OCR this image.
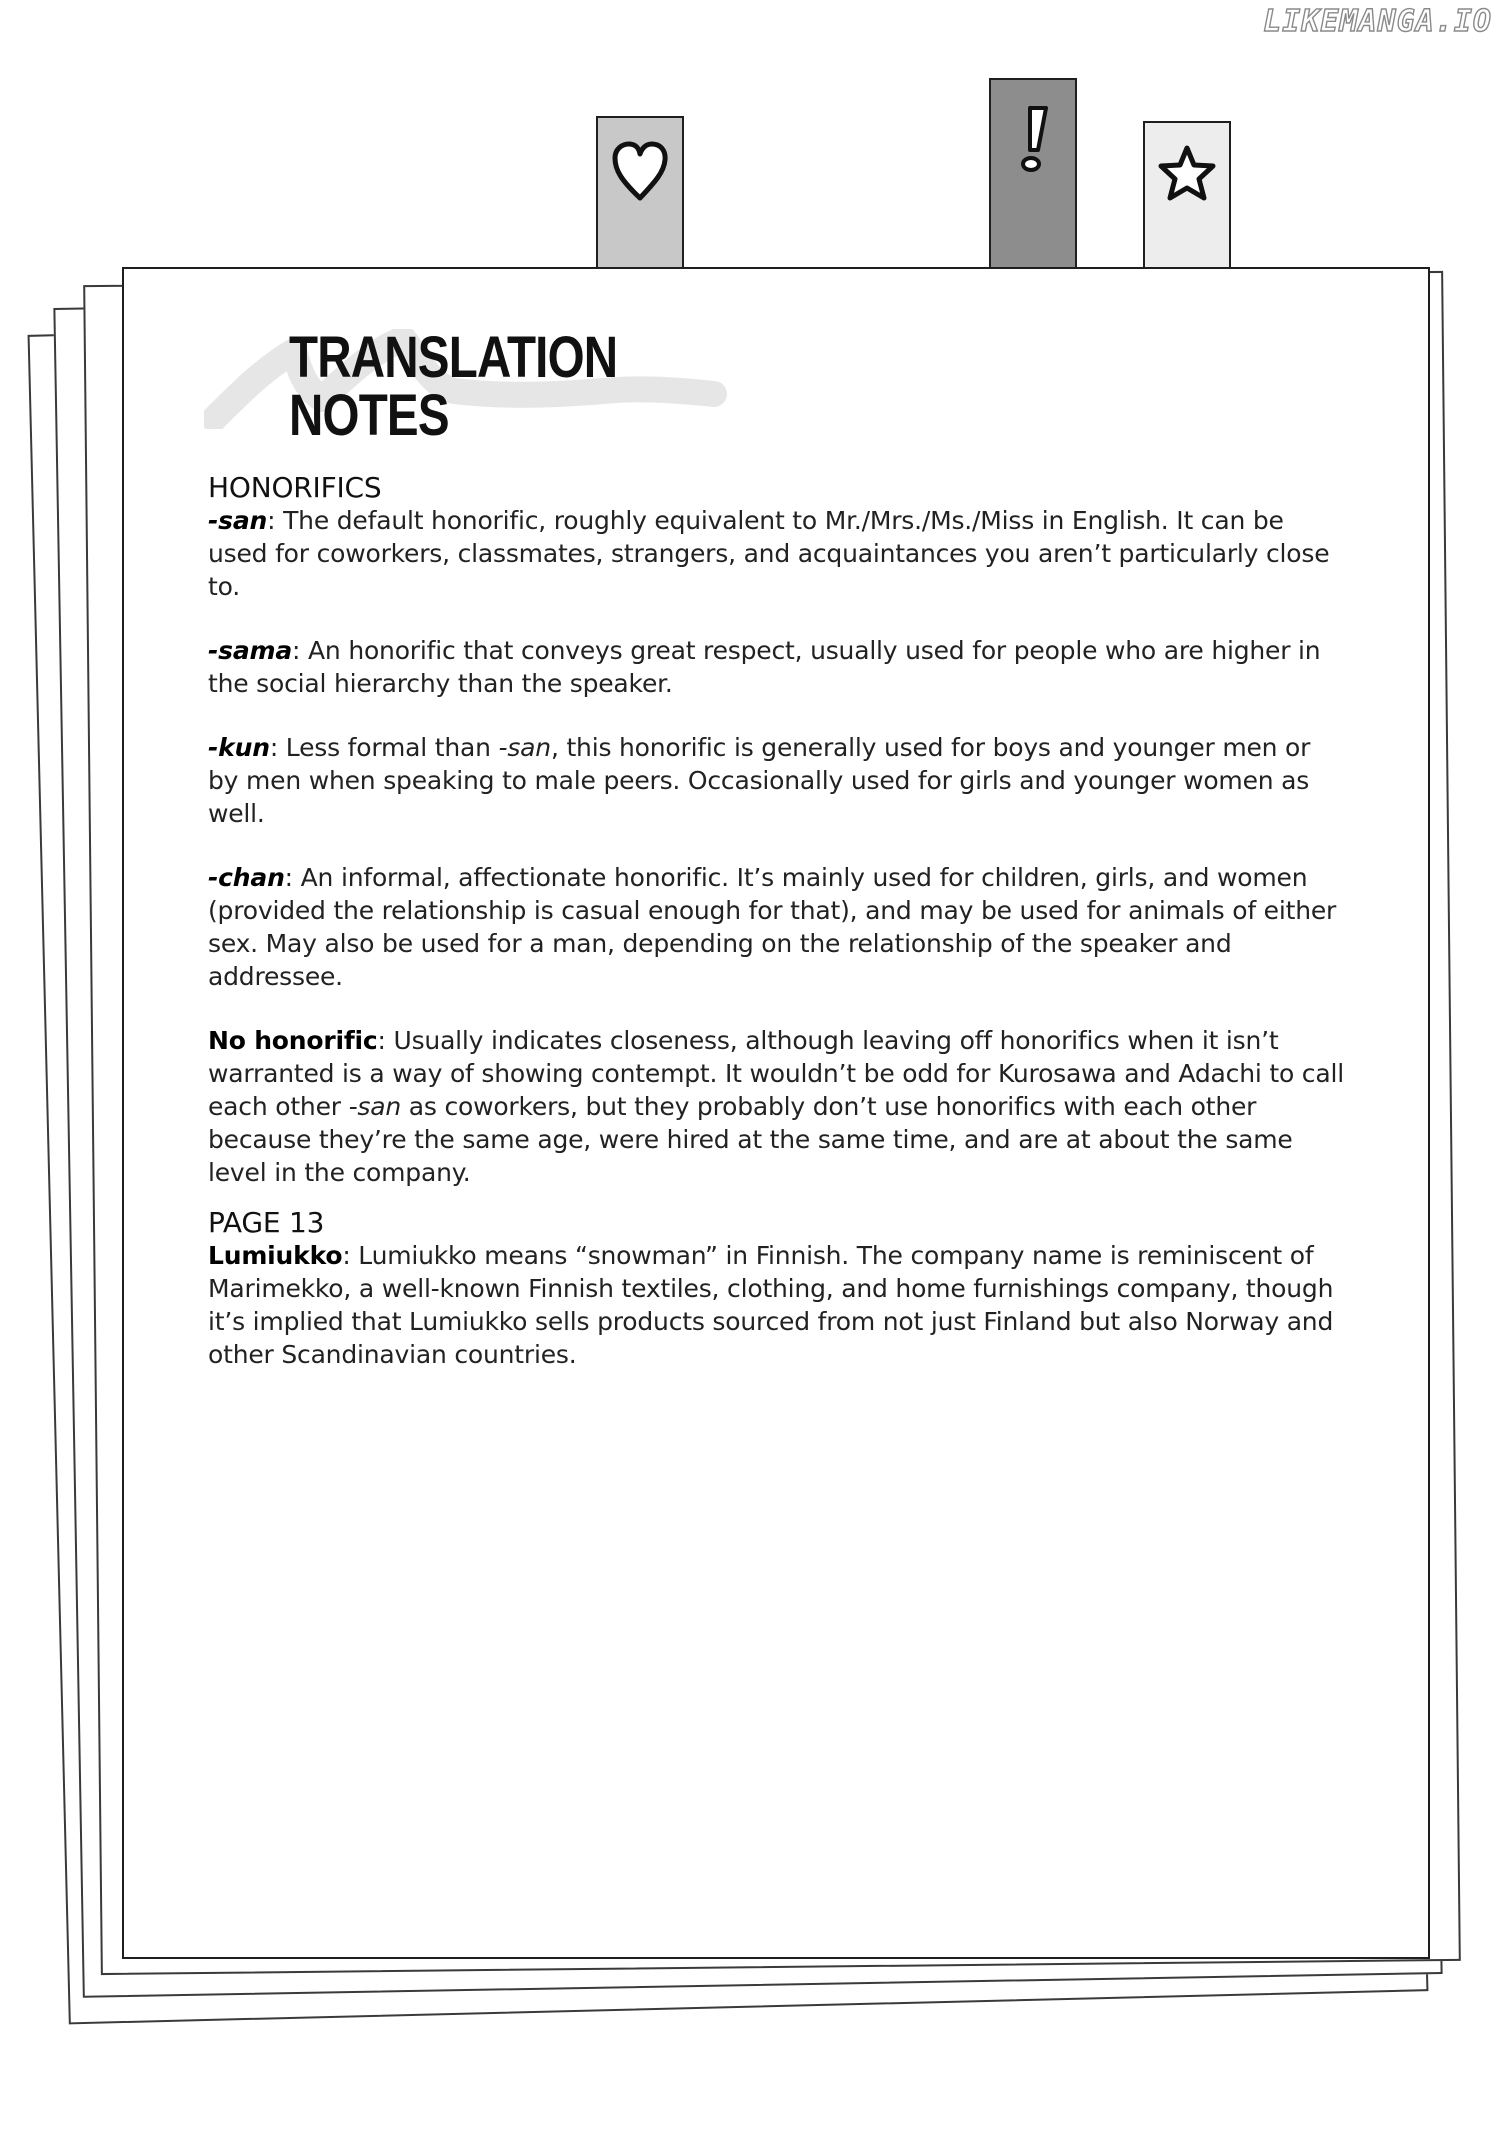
LIKEMANGA.IO
TRANSLATION NOTES
HONORIFICS

-san: The default honorific, roughly equivalent to Mr./Mrs./Ms./Miss in English. It can be used for coworkers, classmates, strangers, and acquaintances you aren’t particularly close to.

-sama: An honorific that conveys great respect, usually used for people who are higher in the social hierarchy than the speaker.

-kun: Less formal than -san, this honorific is generally used for boys and younger men or by men when speaking to male peers. Occasionally used for girls and younger women as well.

-chan: An informal, affectionate honorific. It’s mainly used for children, girls, and women (provided the relationship is casual enough for that), and may be used for animals of either sex. May also be used for a man, depending on the relationship of the speaker and addressee.

No honorific: Usually indicates closeness, although leaving off honorifics when it isn’t warranted is a way of showing contempt. It wouldn’t be odd for Kurosawa and Adachi to call each other -san as coworkers, but they probably don’t use honorifics with each other because they’re the same age, were hired at the same time, and are at about the same level in the company.

PAGE 13

Lumiukko: Lumiukko means “snowman” in Finnish. The company name is reminiscent of Marimekko, a well-known Finnish textiles, clothing, and home furnishings company, though it’s implied that Lumiukko sells products sourced from not just Finland but also Norway and other Scandinavian countries.
